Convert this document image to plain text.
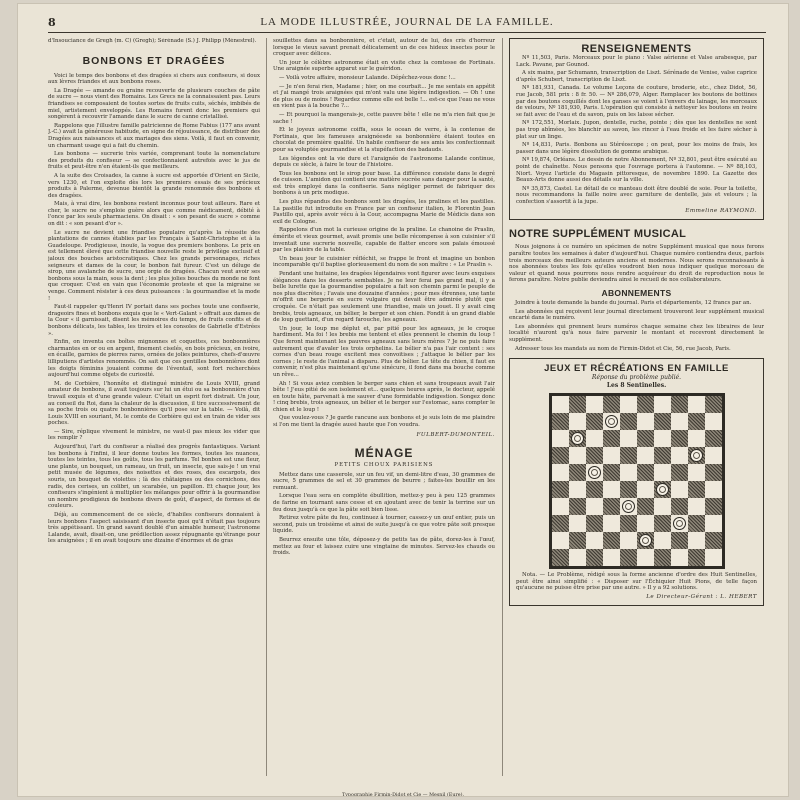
8	LA MODE ILLUSTRÉE, JOURNAL DE LA FAMILLE.

d'Insouciance de Gregh (m. C) (Gregh); Sérénade (S.) J. Philipp (Ménestrel).

BONBONS ET DRAGÉES

Voici le temps des bonbons et des dragées si chers aux confiseurs, si doux aux lèvres friandes et aux bonbons roses.

La Dragée — amande ou graine recouverte de plusieurs couches de pâte de sucre — nous vient des Romains. Les Grecs ne la connaissaient pas. Leurs friandises se composaient de toutes sortes de fruits cuits, séchés, imbibés de miel, artistement enveloppés. Les Romains furent donc les premiers qui songèrent à recouvrir l'amande dans le sucre de canne cristallisé.

Rappelons que l'illustre famille patricienne de Rome Fabius (177 ans avant J.-C.) avait la généreuse habitude, en signe de réjouissance, de distribuer des Dragées aux naissances et aux mariages des siens. Voilà, il faut en convenir, un charmant usage qui a fait du chemin.

Les bonbons — sucrerie très variée, comprenant toute la nomenclature des produits du confiseur — se confectionnaient autrefois avec le jus de fruits et peut-être n'en étaient-ils que meilleurs.

A la suite des Croisades, la canne à sucre est apportée d'Orient en Sicile, vers 1230, et l'on exploite dès lors les premiers essais de ses précieux produits à Palerme, devenue bientôt la grande renommée des bonbons et des dragées.

Mais, à vrai dire, les bonbons restent inconnus pour tout ailleurs. Rare et cher, le sucre ne s'emploie guère alors que comme médicament, débité à l'once par les seuls pharmaciens. On disait : « son pesant de sucre » comme on dit : « son pesant d'or ».

Le sucre ne devient une friandise populaire qu'après la réussite des plantations de cannes établies par les Français à Saint-Christophe et à la Guadeloupe. Prodigieuse, inouïe, la vogue des premiers bonbons. Le prix en est tellement élevé que cette friandise nouvelle reste le privilège exclusif et jaloux des bouches aristocratiques. Chez les grands personnages, riches seigneurs et dames de la cour, le bonbon fait fureur. C'est un déluge de sirop, une avalanche de sucre, une orgie de dragées. Chacun veut avoir ses bonbons sous la main, sous la dent ; les plus jolies bouches du monde ne font que croquer. C'est en vain que l'économie proteste et que la migraine se venge. Comment résister à ces deux puissances : la gourmandise et la mode !

Faut-il rappeler qu'Henri IV portait dans ses poches toute une confiserie, drageoirs fines et bonbons exquis que le « Vert-Galant » offrait aux dames de la Cour « il garnissait, disent les mémoires du temps, de fruits confits et de bonbons délicats, les tables, les tiroirs et les consoles de Gabrielle d'Estrées ».

Enfin, on inventa ces boîtes mignonnes et coquettes, ces bonbonnières charmantes en or ou en argent, finement ciselés, en bois précieux, en ivoire, en écaille, garnies de pierres rares, ornées de jolies peintures, chefs-d'œuvre lilliputiens d'artistes renommés. On sait que ces gentilles bonbonnières dont les doigts féminins jouaient comme de l'éventail, sont fort recherchées aujourd'hui comme objets de curiosité.

M. de Corbière, l'honnête et distingué ministre de Louis XVIII, grand amateur de bonbons, il avait toujours sur lui un étui ou sa bonbonnière d'un travail exquis et d'une grande valeur. C'était un esprit fort distrait. Un jour, au conseil du Roi, dans la chaleur de la discussion, il tire successivement de sa poche trois ou quatre bonbonnières qu'il pose sur la table. — Voilà, dit Louis XVIII en souriant, M. le comte de Corbière qui est en train de vider ses poches.

— Sire, réplique vivement le ministre, ne vaut-il pas mieux les vider que les remplir ?

Aujourd'hui, l'art du confiseur a réalisé des progrès fantastiques. Variant les bonbons à l'infini, il leur donne toutes les formes, toutes les nuances, toutes les teintes, tous les goûts, tous les parfums. Tel bonbon est une fleur, une plante, un bouquet, un rameau, un fruit, un insecte, que sais-je ! un vrai petit musée de légumes, des noisettes et des roses, des escargots, des souris, un bouquet de violettes ; là des châtaignes ou des cornichons, des radis, des cerises, un colibri, un scarabée, un papillon. Et chaque jour, les confiseurs s'ingénient à multiplier les mélanges pour offrir à la gourmandise un nombre prodigieux de bonbons divers de goût, d'aspect, de formes et de couleurs.

Déjà, au commencement de ce siècle, d'habiles confiseurs donnaient à leurs bonbons l'aspect saisissant d'un insecte quoi qu'il n'était pas toujours très appétissant. Un grand savant doublé d'un aimable humeur, l'astronome Lalande, avait, disait-on, une prédilection assez répugnante qu'étrange pour les araignées ; il en avait toujours une dizaine d'énormes et de gras

souillettes dans sa bonbonnière, et c'était, autour de lui, des cris d'horreur lorsque le vieux savant prenait délicatement un de ces hideux insectes pour le croquer avec délices.

Un jour le célèbre astronome était en visite chez la comtesse de Fortinais. Une araignée superbe apparut sur le guéridon.

— Voilà votre affaire, monsieur Lalande. Dépêchez-vous donc !...

— Je n'en ferai rien, Madame ; hier, on me courbait... Je me sentais en appétit et j'ai mangé trois araignées qui m'ont valu une légère indigestion. — Oh ! une de plus ou de moins ! Regardez comme elle est belle !... est-ce que l'eau ne vous en vient pas à la bouche ?...

— Et pourquoi la mangerais-je, cette pauvre bête ! elle ne m'a rien fait que je sache !

Et le joyeux astronome coiffa, sous le ocean de verre, à la contenue de Fortinais, que les fameuses araignéesde sa bonbonnière étaient toutes en chocolat de première qualité. Un habile confiseur de ses amis les confectionnait pour sa voluptée gourmandise et la stupéfaction des badauds.

Les légendes ont la vie dure et l'araignée de l'astronome Lalande continue, depuis ce siècle, à faire le tour de l'histoire.

Tous les bonbons ont le sirop pour base. La différence consiste dans le degré de cuisson. L'amidon qui contient une matière sucrée sans danger pour la santé, est très employé dans la confiserie. Sans négliger permet de fabriquer des bonbons à un prix modique.

Les plus répandus des bonbons sont les dragées, les pralines et les pastilles. La pastille fut introduite en France par un confiseur italien, le Florentin Jean Pastillo qui, après avoir vécu à la Cour, accompagna Marie de Médicis dans son exil de Cologne.

Rappelons d'un mot la curieuse origine de la praline. Le chanoine de Praslin, émérite et vieux gourmet, avait promis une belle récompense à son cuisinier s'il inventait une sucrerie nouvelle, capable de flatter encore son palais émoussé par les plaisirs de la table.

Un beau jour le cuisinier réfléchit, se frappe le front et imagine un bonbon incomparable qu'il baptise glorieusement du nom de son maître : « Le Praslin ».

Pendant une huitaine, les dragées légendaires vont figurer avec leurs exquises élégances dans les desserts sembables. Je ne leur ferai pas grand mal, il y a belle lurette que la gourmandise populaire a fait son chemin parmi le peuple de nos plus discrètes ; l'avais une douzaine d'années ; pour mes étrennes, une tante m'offrit une bergerie en sucre vulgaire qui devait être admirée plutôt que croquée. Ce n'était pas seulement une friandise, mais un jouet. Il y avait cinq brebis, trois agneaux, un bélier, le berger et son chien. Fondit à un grand diable de loup guettant, d'un regard farouche, les agneaux.

Un jour, le loup me déplut et, par pitié pour les agneaux, je le croque hardiment. Ma foi ! les brebis me tentent et elles prennent le chemin du loup ! Que feront maintenant les pauvres agneaux sans leurs mères ? Je ne puis faire autrement que d'avaler les trois orphelins. Le bélier n'a pas l'air content : ses cornes d'un beau rouge excitent mes convoitises ; j'attaque le bélier par les cornes ; le reste de l'animal a disparu. Plus de bélier. Le tête du chien, il faut en convenir, n'est plus maintenant qu'une sinécure, il fond dans ma bouche comme un rêve...

Ah ! Si vous aviez combien le berger sans chien et sans troupeaux avait l'air bête ! J'eus pitié de son isolement et... quelques heures après, le docteur, appelé en toute hâte, parvenait à me sauver d'une formidable indigestion. Songez donc ! cinq brebis, trois agneaux, un bélier et le berger sur l'estomac, sans compter le chien et le loup !

Que voulez-vous ? Je garde rancune aux bonbons et je suis loin de me plaindre si l'on me tient la dragée aussi haute que l'on voudra.

FULBERT-DUMONTEIL.
MÉNAGE
PETITS CHOUX PARISIENS

Mettez dans une casserole, sur un feu vif, un demi-litre d'eau, 30 grammes de sucre, 5 grammes de sel et 30 grammes de beurre ; faites-les bouillir en les remuant.

Lorsque l'eau sera en complète ébullition, mettez-y peu à peu 125 grammes de farine en tournant sans cesse et en ajoutant avec de tenir la terrine sur un feu doux jusqu'à ce que la pâte soit bien lisse.

Retirez votre pâte du feu, continuez à tourner, cassez-y un œuf entier, puis un second, puis un troisième et ainsi de suite jusqu'à ce que votre pâte soit presque liquide.

Beurrez ensuite une tôle, déposez-y de petits tas de pâte, dorez-les à l'œuf, mettez au four et laissez cuire une vingtaine de minutes. Servez-les chauds ou froids.

RENSEIGNEMENTS

Nº 11,503, Paris. Morceaux pour le piano : Valse aérienne et Valse arabesque, par Lack. Pavane, par Gounod.

A six mains, par Schumann, transcription de Liszt. Sérénade de Venise, valse caprice d'après Schubert, transcription de Liszt.

Nº 181,931, Canada. Le volume Leçons de couture, broderie, etc., chez Didot, 56, rue Jacob, 581 prix : 8 fr. 50. — Nº 286,079, Alger. Remplacer les boutons de bottines par des boutons coquillés dont les ganses se voient à l'envers du lainage, les morceaux de velours, Nº 181,930, Paris. L'opération qui consiste à nettoyer les boutons en ivoire se fait avec de l'eau et du savon, puis on les laisse sécher.

Nº 172,551, Morlaix. Jupon, dentelle, ruche, pointe ; dès que les dentelles ne sont pas trop abîmées, les blanchir au savon, les rincer à l'eau froide et les faire sécher à plat sur un linge.

Nº 14,831, Paris. Bonbons au Stéréoscope ; on peut, pour les moins de frais, les passer dans une légère dissolution de gomme arabique.

Nº 19,874, Orléans. Le dessin de notre Abonnement, Nº 32,801, peut être exécuté au point de chaînette. Nous pensons que l'ouvrage portera à l'automne. — Nº 88,103, Niort. Voyez l'article du Magasin pittoresque, de novembre 1890. La Gazette des Beaux-Arts donne aussi des détails sur la ville.

Nº 35,873, Castel. Le détail de ce manteau doit être doublé de soie. Pour la toilette, nous recommandons la faille noire avec garniture de dentelle, jais et velours ; la confection s'assortit à la jupe.

Emmeline RAYMOND.
NOTRE SUPPLÉMENT MUSICAL

Nous joignons à ce numéro un spécimen de notre Supplément musical que nous ferons paraître toutes les semaines à dater d'aujourd'hui. Chaque numéro contiendra deux, parfois trois morceaux des meilleurs auteurs anciens et modernes. Nous serons reconnaissants à nos abonnées toutes les fois qu'elles voudront bien nous indiquer quelque morceau de valeur et quand nous pourrons nous rendre acquéreur du droit de reproduction nous le ferons paraître. Notre publie deviendra ainsi le recueil de nos collaborateurs.

ABONNEMENTS

Joindre à toute demande la bande du journal. Paris et départements, 12 francs par an.

Les abonnées qui reçoivent leur journal directement trouveront leur supplément musical encarté dans le numéro.

Les abonnées qui prennent leurs numéros chaque semaine chez les libraires de leur localité n'auront qu'à nous faire parvenir le montant et recevront directement le supplément.

Adresser tous les mandats au nom de Firmin-Didot et Cie, 56, rue Jacob, Paris.

JEUX ET RÉCRÉATIONS EN FAMILLE
Réponse du problème publié.
Les 8 Sentinelles.

Nota. — Le Problème, rédigé sous la forme ancienne d'ordre des Huit Sentinelles, peut être ainsi simplifié : « Disposer sur l'Échiquier Huit Pions, de telle façon qu'aucune ne puisse être prise par une autre. » Il y a 92 solutions.

Le Directeur-Gérant : L. HEBERT
Typographie Firmin-Didot et Cie — Mesnil (Eure).
